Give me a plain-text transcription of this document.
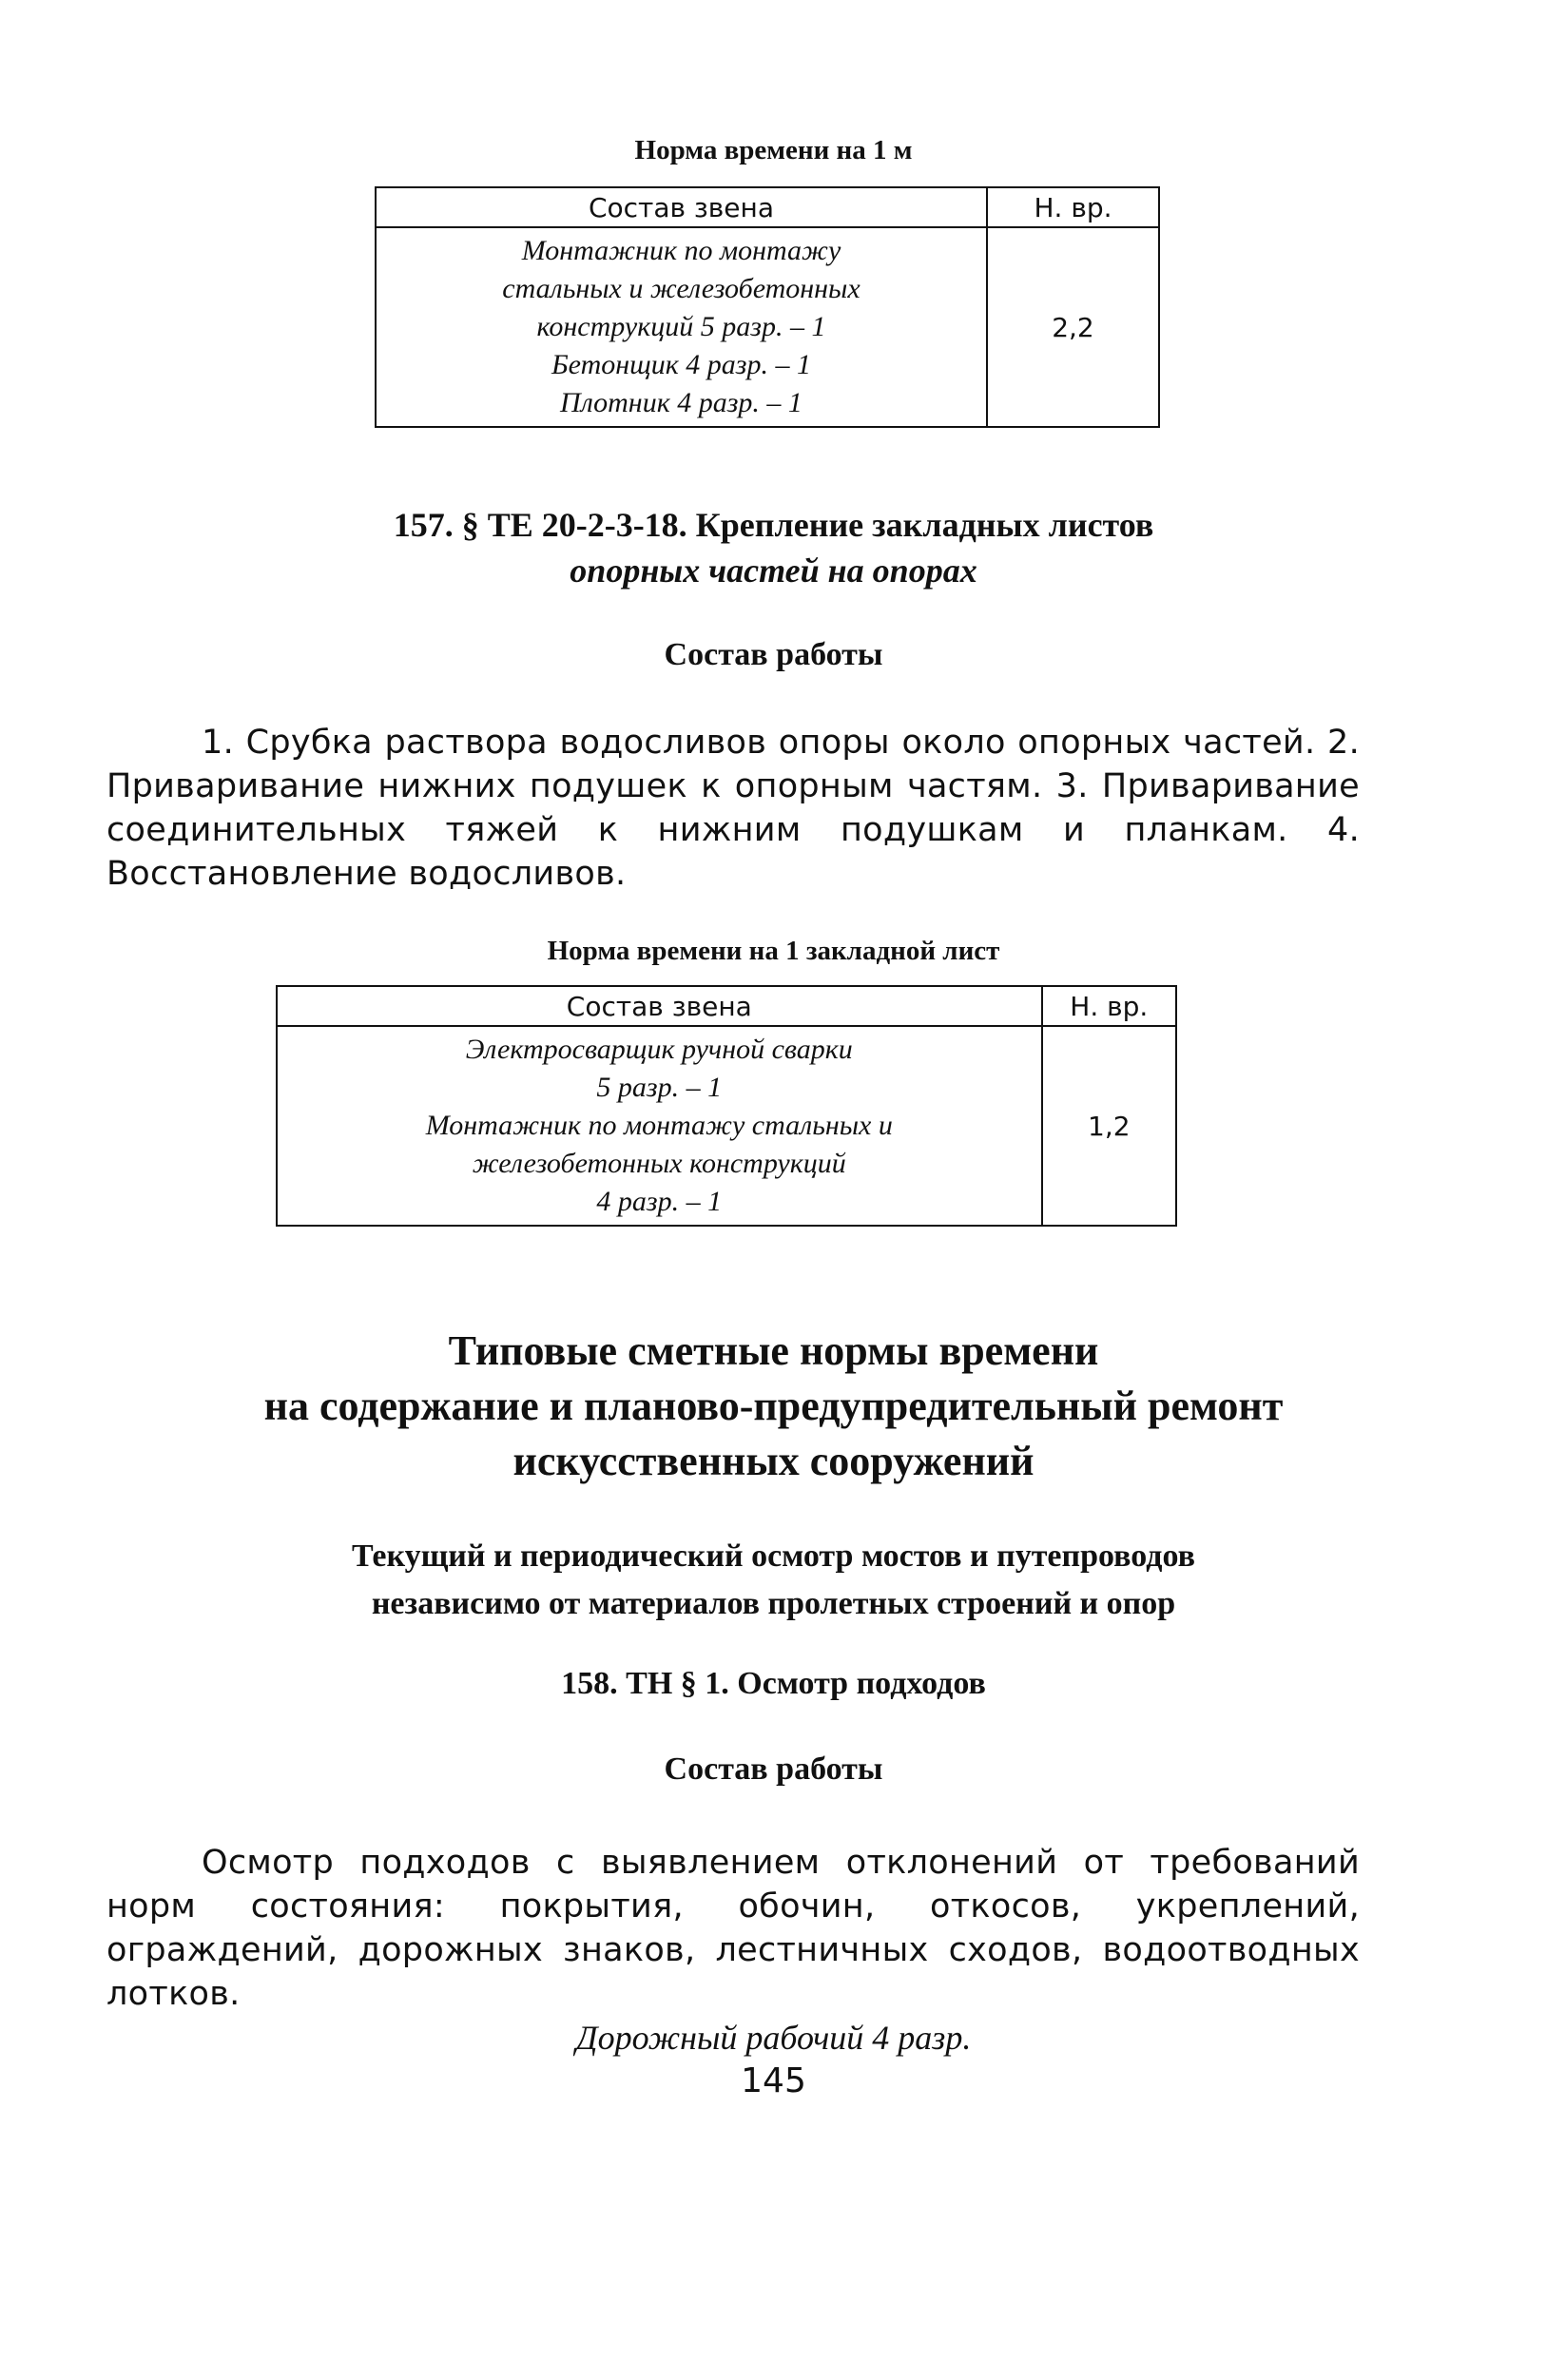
Норма времени на 1 м
Состав звена	Н. вр.

Монтажник по монтажу
стальных и железобетонных
конструкций 5 разр. – 1
Бетонщик 4 разр. – 1
Плотник 4 разр. – 1	2,2
157. § ТЕ 20-2-3-18. Крепление закладных листов
опорных частей на опорах
Состав работы
1. Срубка раствора водосливов опоры около опорных частей. 2. Приваривание нижних подушек к опорным частям. 3. Приваривание соединительных тяжей к нижним подушкам и планкам. 4. Восстановление водосливов.
Норма времени на 1 закладной лист
Состав звена	Н. вр.

Электросварщик ручной сварки
5 разр. – 1
Монтажник по монтажу стальных и
железобетонных конструкций
4 разр. – 1	1,2
Типовые сметные нормы времени
на содержание и планово-предупредительный ремонт
искусственных сооружений
Текущий и периодический осмотр мостов и путепроводов
независимо от материалов пролетных строений и опор
158. ТН § 1. Осмотр подходов
Состав работы
Осмотр подходов с выявлением отклонений от требований норм состояния: покрытия, обочин, откосов, укреплений, ограждений, дорожных знаков, лестничных сходов, водоотводных лотков.
Дорожный рабочий 4 разр.
145
